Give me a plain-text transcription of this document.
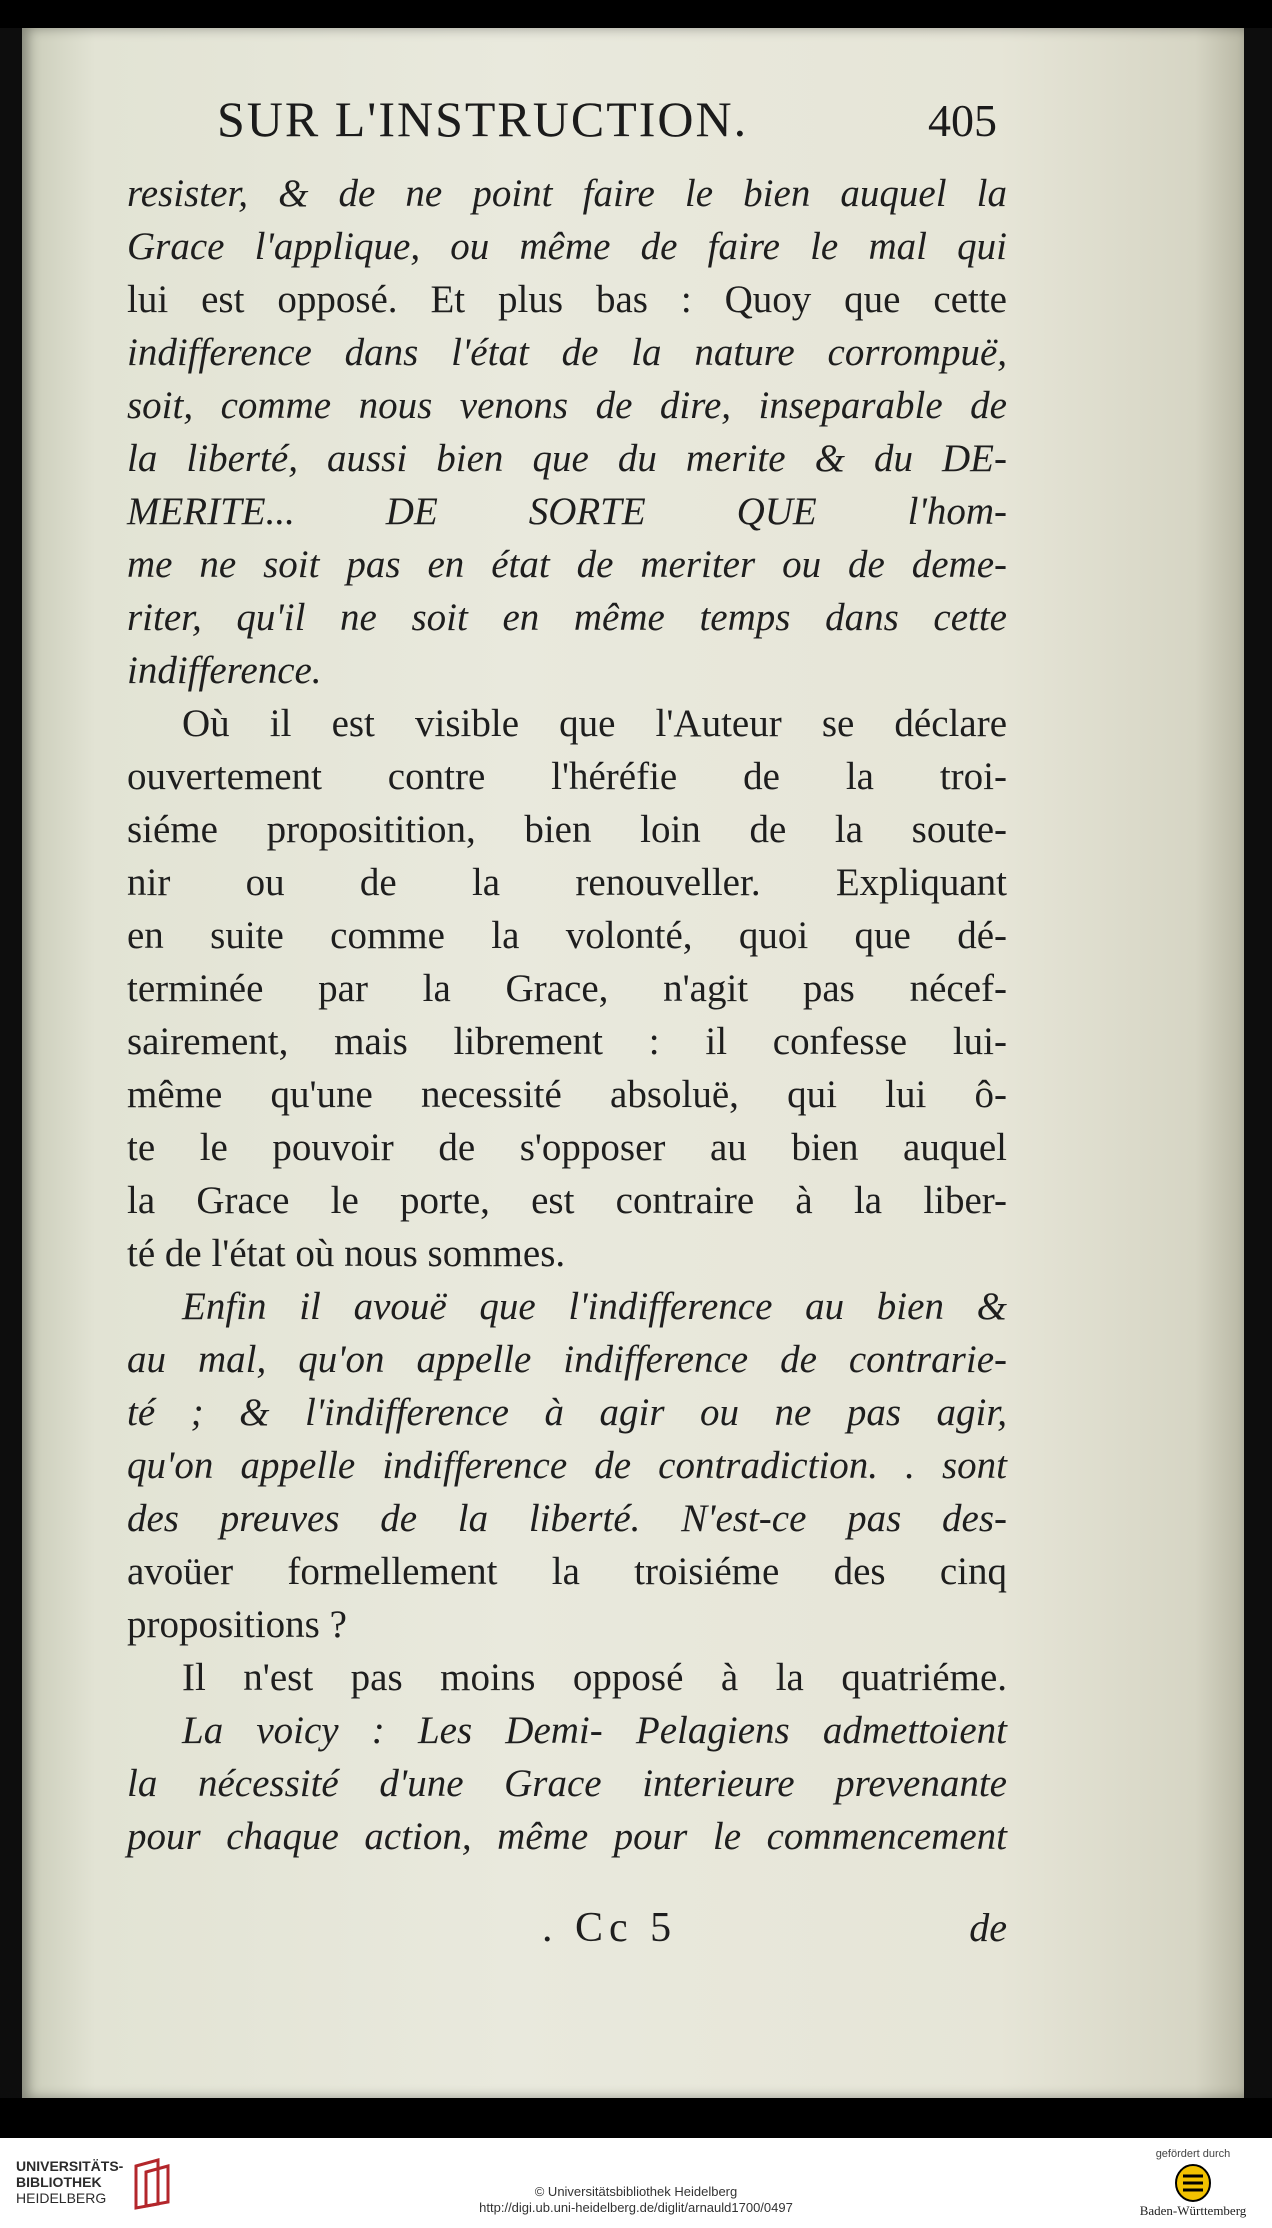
SUR L'INSTRUCTION.	405
resister, & de ne point faire le bien auquel la
Grace l'applique, ou même de faire le mal qui
lui est opposé. Et plus bas : Quoy que cette
indifference dans l'état de la nature corrompuë,
soit, comme nous venons de dire, inseparable de
la liberté, aussi bien que du merite & du DE-
MERITE... DE SORTE QUE l'hom-
me ne soit pas en état de meriter ou de deme-
riter, qu'il ne soit en même temps dans cette
indifference.
Où il est visible que l'Auteur se déclare
ouvertement contre l'héréfie de la troi-
siéme propositition, bien loin de la soute-
nir ou de la renouveller. Expliquant
en suite comme la volonté, quoi que dé-
terminée par la Grace, n'agit pas nécef-
sairement, mais librement : il confesse lui-
même qu'une necessité absoluë, qui lui ô-
te le pouvoir de s'opposer au bien auquel
la Grace le porte, est contraire à la liber-
té de l'état où nous sommes.
Enfin il avouë que l'indifference au bien &
au mal, qu'on appelle indifference de contrarie-
té ; & l'indifference à agir ou ne pas agir,
qu'on appelle indifference de contradiction. . sont
des preuves de la liberté. N'est-ce pas des-
avoüer formellement la troisiéme des cinq
propositions ?
Il n'est pas moins opposé à la quatriéme.
La voicy : Les Demi- Pelagiens admettoient
la nécessité d'une Grace interieure prevenante
pour chaque action, même pour le commencement
. Cc 5	de
UNIVERSITÄTS-
BIBLIOTHEK
HEIDELBERG	© Universitätsbibliothek Heidelberg
http://digi.ub.uni-heidelberg.de/diglit/arnauld1700/0497
gefördert durch
Baden-Württemberg
